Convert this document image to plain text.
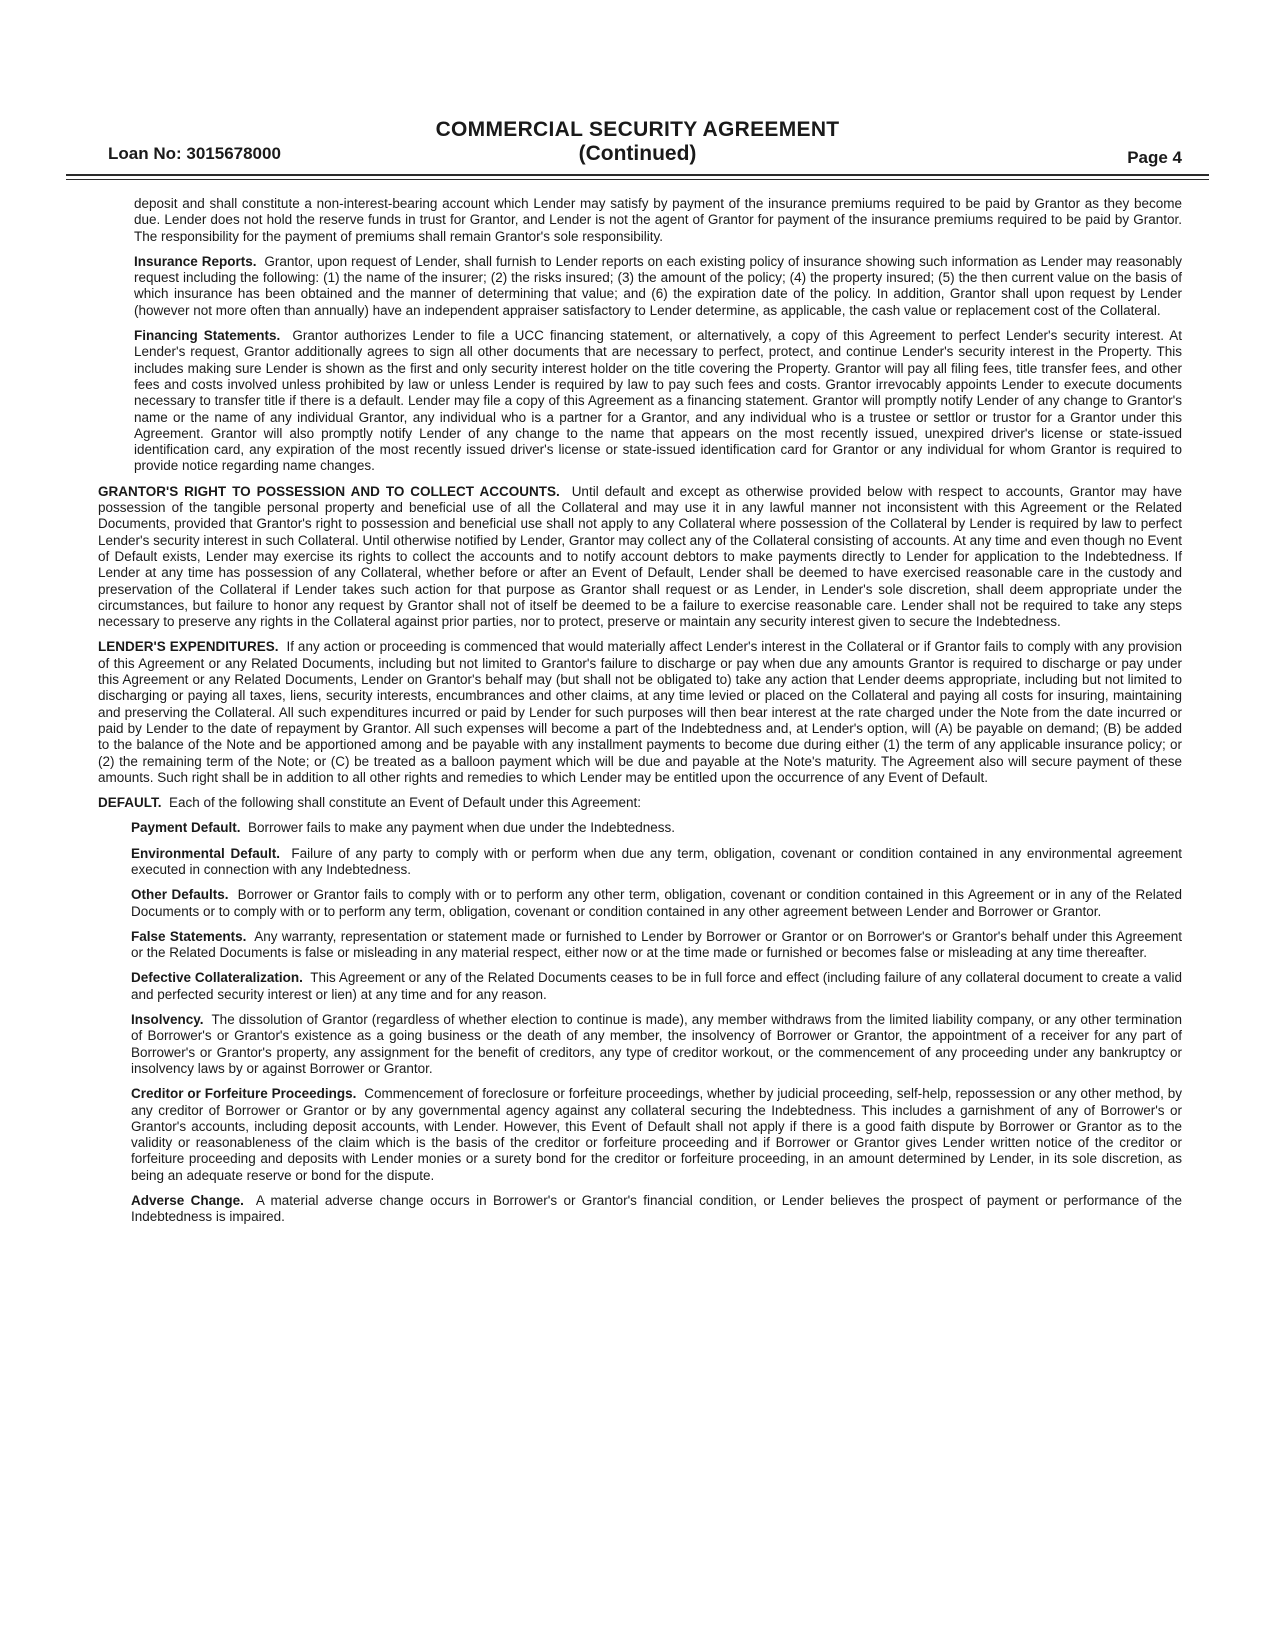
COMMERCIAL SECURITY AGREEMENT
(Continued)
Loan No: 3015678000	Page 4

deposit and shall constitute a non-interest-bearing account which Lender may satisfy by payment of the insurance premiums required to be paid by Grantor as they become due. Lender does not hold the reserve funds in trust for Grantor, and Lender is not the agent of Grantor for payment of the insurance premiums required to be paid by Grantor. The responsibility for the payment of premiums shall remain Grantor's sole responsibility.

Insurance Reports. Grantor, upon request of Lender, shall furnish to Lender reports on each existing policy of insurance showing such information as Lender may reasonably request including the following: (1) the name of the insurer; (2) the risks insured; (3) the amount of the policy; (4) the property insured; (5) the then current value on the basis of which insurance has been obtained and the manner of determining that value; and (6) the expiration date of the policy. In addition, Grantor shall upon request by Lender (however not more often than annually) have an independent appraiser satisfactory to Lender determine, as applicable, the cash value or replacement cost of the Collateral.

Financing Statements. Grantor authorizes Lender to file a UCC financing statement, or alternatively, a copy of this Agreement to perfect Lender's security interest. At Lender's request, Grantor additionally agrees to sign all other documents that are necessary to perfect, protect, and continue Lender's security interest in the Property. This includes making sure Lender is shown as the first and only security interest holder on the title covering the Property. Grantor will pay all filing fees, title transfer fees, and other fees and costs involved unless prohibited by law or unless Lender is required by law to pay such fees and costs. Grantor irrevocably appoints Lender to execute documents necessary to transfer title if there is a default. Lender may file a copy of this Agreement as a financing statement. Grantor will promptly notify Lender of any change to Grantor's name or the name of any individual Grantor, any individual who is a partner for a Grantor, and any individual who is a trustee or settlor or trustor for a Grantor under this Agreement. Grantor will also promptly notify Lender of any change to the name that appears on the most recently issued, unexpired driver's license or state-issued identification card, any expiration of the most recently issued driver's license or state-issued identification card for Grantor or any individual for whom Grantor is required to provide notice regarding name changes.

GRANTOR'S RIGHT TO POSSESSION AND TO COLLECT ACCOUNTS. Until default and except as otherwise provided below with respect to accounts, Grantor may have possession of the tangible personal property and beneficial use of all the Collateral and may use it in any lawful manner not inconsistent with this Agreement or the Related Documents, provided that Grantor's right to possession and beneficial use shall not apply to any Collateral where possession of the Collateral by Lender is required by law to perfect Lender's security interest in such Collateral. Until otherwise notified by Lender, Grantor may collect any of the Collateral consisting of accounts. At any time and even though no Event of Default exists, Lender may exercise its rights to collect the accounts and to notify account debtors to make payments directly to Lender for application to the Indebtedness. If Lender at any time has possession of any Collateral, whether before or after an Event of Default, Lender shall be deemed to have exercised reasonable care in the custody and preservation of the Collateral if Lender takes such action for that purpose as Grantor shall request or as Lender, in Lender's sole discretion, shall deem appropriate under the circumstances, but failure to honor any request by Grantor shall not of itself be deemed to be a failure to exercise reasonable care. Lender shall not be required to take any steps necessary to preserve any rights in the Collateral against prior parties, nor to protect, preserve or maintain any security interest given to secure the Indebtedness.

LENDER'S EXPENDITURES. If any action or proceeding is commenced that would materially affect Lender's interest in the Collateral or if Grantor fails to comply with any provision of this Agreement or any Related Documents, including but not limited to Grantor's failure to discharge or pay when due any amounts Grantor is required to discharge or pay under this Agreement or any Related Documents, Lender on Grantor's behalf may (but shall not be obligated to) take any action that Lender deems appropriate, including but not limited to discharging or paying all taxes, liens, security interests, encumbrances and other claims, at any time levied or placed on the Collateral and paying all costs for insuring, maintaining and preserving the Collateral. All such expenditures incurred or paid by Lender for such purposes will then bear interest at the rate charged under the Note from the date incurred or paid by Lender to the date of repayment by Grantor. All such expenses will become a part of the Indebtedness and, at Lender's option, will (A) be payable on demand; (B) be added to the balance of the Note and be apportioned among and be payable with any installment payments to become due during either (1) the term of any applicable insurance policy; or (2) the remaining term of the Note; or (C) be treated as a balloon payment which will be due and payable at the Note's maturity. The Agreement also will secure payment of these amounts. Such right shall be in addition to all other rights and remedies to which Lender may be entitled upon the occurrence of any Event of Default.

DEFAULT. Each of the following shall constitute an Event of Default under this Agreement:

Payment Default. Borrower fails to make any payment when due under the Indebtedness.

Environmental Default. Failure of any party to comply with or perform when due any term, obligation, covenant or condition contained in any environmental agreement executed in connection with any Indebtedness.

Other Defaults. Borrower or Grantor fails to comply with or to perform any other term, obligation, covenant or condition contained in this Agreement or in any of the Related Documents or to comply with or to perform any term, obligation, covenant or condition contained in any other agreement between Lender and Borrower or Grantor.

False Statements. Any warranty, representation or statement made or furnished to Lender by Borrower or Grantor or on Borrower's or Grantor's behalf under this Agreement or the Related Documents is false or misleading in any material respect, either now or at the time made or furnished or becomes false or misleading at any time thereafter.

Defective Collateralization. This Agreement or any of the Related Documents ceases to be in full force and effect (including failure of any collateral document to create a valid and perfected security interest or lien) at any time and for any reason.

Insolvency. The dissolution of Grantor (regardless of whether election to continue is made), any member withdraws from the limited liability company, or any other termination of Borrower's or Grantor's existence as a going business or the death of any member, the insolvency of Borrower or Grantor, the appointment of a receiver for any part of Borrower's or Grantor's property, any assignment for the benefit of creditors, any type of creditor workout, or the commencement of any proceeding under any bankruptcy or insolvency laws by or against Borrower or Grantor.

Creditor or Forfeiture Proceedings. Commencement of foreclosure or forfeiture proceedings, whether by judicial proceeding, self-help, repossession or any other method, by any creditor of Borrower or Grantor or by any governmental agency against any collateral securing the Indebtedness. This includes a garnishment of any of Borrower's or Grantor's accounts, including deposit accounts, with Lender. However, this Event of Default shall not apply if there is a good faith dispute by Borrower or Grantor as to the validity or reasonableness of the claim which is the basis of the creditor or forfeiture proceeding and if Borrower or Grantor gives Lender written notice of the creditor or forfeiture proceeding and deposits with Lender monies or a surety bond for the creditor or forfeiture proceeding, in an amount determined by Lender, in its sole discretion, as being an adequate reserve or bond for the dispute.

Adverse Change. A material adverse change occurs in Borrower's or Grantor's financial condition, or Lender believes the prospect of payment or performance of the Indebtedness is impaired.
